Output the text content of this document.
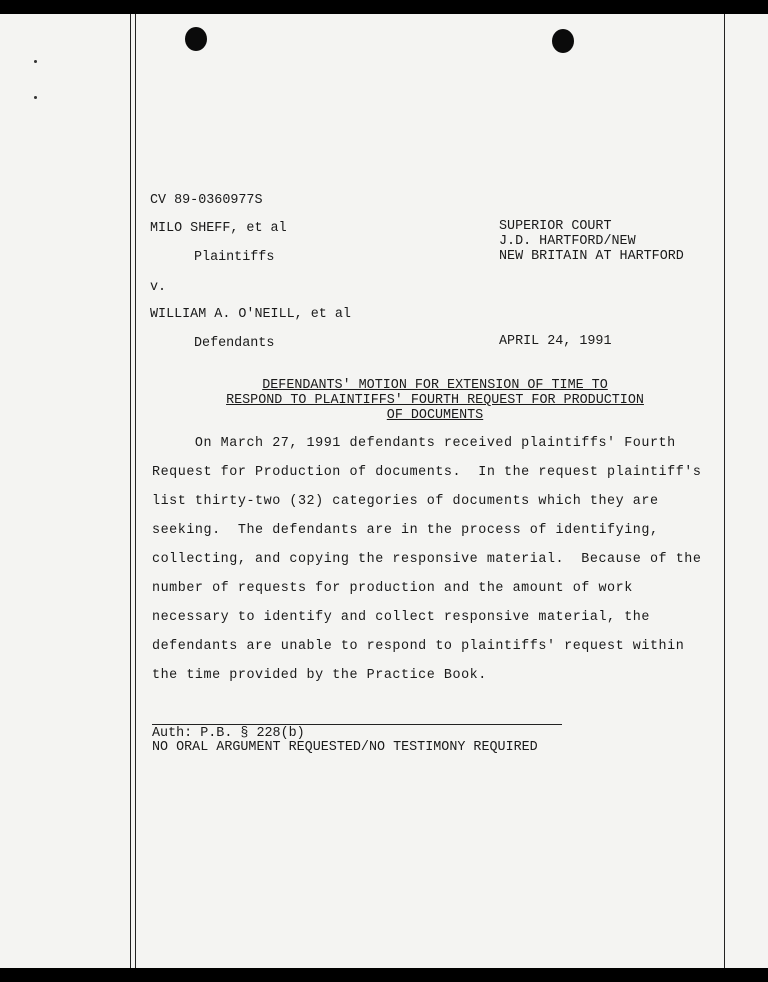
CV 89-0360977S
MILO SHEFF, et al
Plaintiffs
v.
WILLIAM A. O'NEILL, et al
Defendants
SUPERIOR COURT
J.D. HARTFORD/NEW
NEW BRITAIN AT HARTFORD
APRIL 24, 1991
DEFENDANTS' MOTION FOR EXTENSION OF TIME TO
RESPOND TO PLAINTIFFS' FOURTH REQUEST FOR PRODUCTION
OF DOCUMENTS
On March 27, 1991 defendants received plaintiffs' Fourth
Request for Production of documents.  In the request plaintiff's
list thirty-two (32) categories of documents which they are
seeking.  The defendants are in the process of identifying,
collecting, and copying the responsive material.  Because of the
number of requests for production and the amount of work
necessary to identify and collect responsive material, the
defendants are unable to respond to plaintiffs' request within
the time provided by the Practice Book.
Auth: P.B. § 228(b)
NO ORAL ARGUMENT REQUESTED/NO TESTIMONY REQUIRED
